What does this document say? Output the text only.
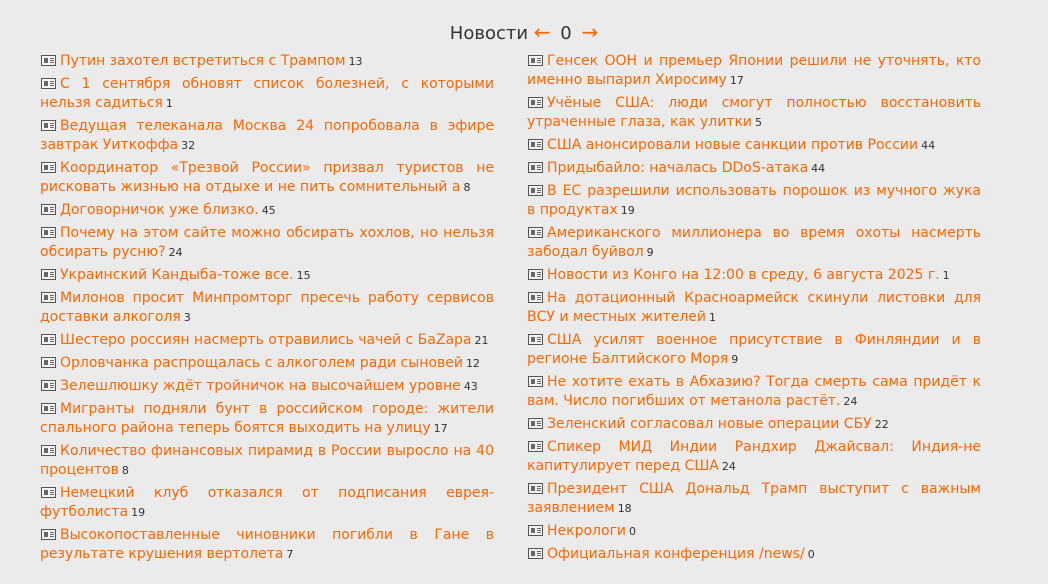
Новости ← 0 →
Путин захотел встретиться с Трампом 13
С 1 сентября обновят список болезней, с которыми нельзя садиться 1
Ведущая телеканала Москва 24 попробовала в эфире завтрак Уиткоффа 32
Координатор «Трезвой России» призвал туристов не рисковать жизнью на отдыхе и не пить сомнительный а 8
Договорничок уже близко. 45
Почему на этом сайте можно обсирать хохлов, но нельзя обсирать русню? 24
Украинский Кандыба-тоже все. 15
Милонов просит Минпромторг пресечь работу сервисов доставки алкоголя 3
Шестеро россиян насмерть отравились чачей с БаZара 21
Орловчанка распрощалась с алкоголем ради сыновей 12
Зелешлюшку ждёт тройничок на высочайшем уровне 43
Мигранты подняли бунт в российском городе: жители спального района теперь боятся выходить на улицу 17
Количество финансовых пирамид в России выросло на 40 процентов 8
Немецкий клуб отказался от подписания еврея-футболиста 19
Высокопоставленные чиновники погибли в Гане в результате крушения вертолета 7
Генсек ООН и премьер Японии решили не уточнять, кто именно выпарил Хиросиму 17
Учёные США: люди смогут полностью восстановить утраченные глаза, как улитки 5
США анонсировали новые санкции против России 44
Придыбайло: началась DDoS-атака 44
В ЕС разрешили использовать порошок из мучного жука в продуктах 19
Американского миллионера во время охоты насмерть забодал буйвол 9
Новости из Конго на 12:00 в среду, 6 августа 2025 г. 1
На дотационный Красноармейск скинули листовки для ВСУ и местных жителей 1
США усилят военное присутствие в Финляндии и в регионе Балтийского Моря 9
Не хотите ехать в Абхазию? Тогда смерть сама придёт к вам. Число погибших от метанола растёт. 24
Зеленский согласовал новые операции СБУ 22
Спикер МИД Индии Рандхир Джайсвал: Индия-не капитулирует перед США 24
Президент США Дональд Трамп выступит с важным заявлением 18
Некрологи 0
Официальная конференция /news/ 0
